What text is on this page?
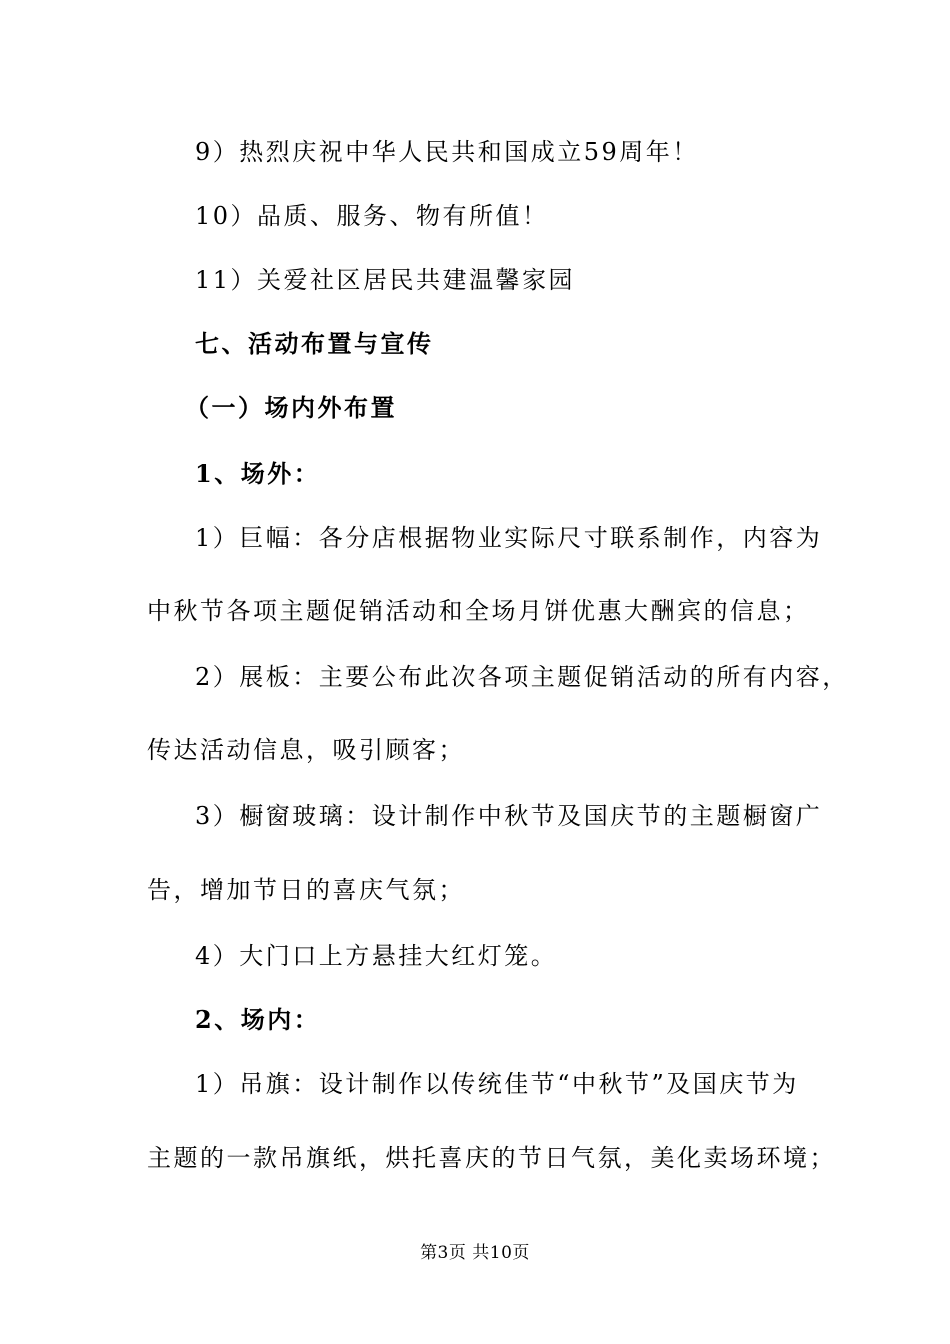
9）热烈庆祝中华人民共和国成立59周年！
10）品质、服务、物有所值！
11）关爱社区居民共建温馨家园
七、活动布置与宣传
（一）场内外布置
1、场外：
1）巨幅：各分店根据物业实际尺寸联系制作，内容为
中秋节各项主题促销活动和全场月饼优惠大酬宾的信息；
2）展板：主要公布此次各项主题促销活动的所有内容，
传达活动信息，吸引顾客；
3）橱窗玻璃：设计制作中秋节及国庆节的主题橱窗广
告，增加节日的喜庆气氛；
4）大门口上方悬挂大红灯笼。
2、场内：
1）吊旗：设计制作以传统佳节“中秋节”及国庆节为
主题的一款吊旗纸，烘托喜庆的节日气氛，美化卖场环境；
第3页 共10页
